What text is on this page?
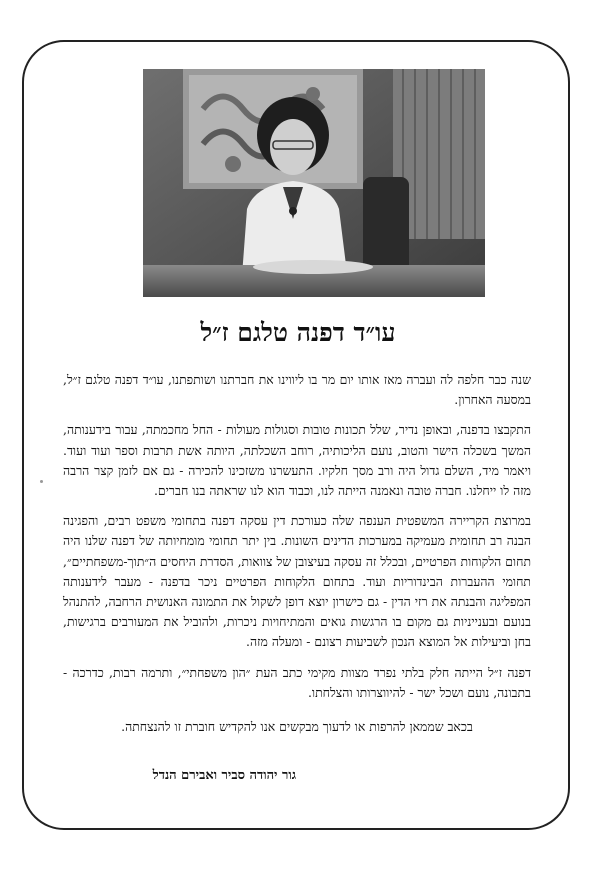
עו״ד דפנה טלגם ז״ל

שנה כבר חלפה לה ועברה מאז אותו יום מר בו ליווינו את חברתנו ושותפתנו, עו״ד דפנה טלגם ז״ל, במסעה האחרון.

התקבצו בדפנה, ובאופן נדיר, שלל תכונות טובות וסגולות מעולות - החל מחכמתה, עבור בידענותה, המשך בשכלה הישר והטוב, נועם הליכותיה, רוחב השכלתה, היותה אשת תרבות וספר ועוד ועוד. ויאמר מיד, השלם גדול היה ורב מסך חלקיו. התעשרנו משזכינו להכירה - גם אם לזמן קצר הרבה מזה לו ייחלנו. חברה טובה ונאמנה הייתה לנו, וכבוד הוא לנו שראתה בנו חברים.

במרוצת הקריירה המשפטית הענפה שלה כעורכת דין עסקה דפנה בתחומי משפט רבים, והפגינה הבנה רב תחומית מעמיקה במערכות הדינים השונות. בין יתר תחומי מומחיותה של דפנה שלנו היה תחום הלקוחות הפרטיים, ובכלל זה עסקה בעיצובן של צוואות, הסדרת היחסים ה״תוך-משפחתיים״, תחומי ההעברות הבינדוריות ועוד. בתחום הלקוחות הפרטיים ניכר בדפנה - מעבר לידענותה המפליגה והבנתה את רזי הדין - גם כישרון יוצא דופן לשקול את התמונה האנושית הרחבה, להתנהל בנועם ובענייניות גם מקום בו הרגשות גואים והמתיחויות ניכרות, ולהוביל את המעורבים ברגישות, בחן וביעילות אל המוצא הנכון לשביעות רצונם - ומעלה מזה.

דפנה ז״ל הייתה חלק בלתי נפרד מצוות מקימי כתב העת ״הון משפחתי״, ותרמה רבות, כדרכה - בתבונה, נועם ושכל ישר - להיווצרותו והצלחתו.

בכאב שממאן להרפות או לדעוך מבקשים אנו להקדיש חוברת זו להנצחתה.

גור יהודה סביר ואבירם הנדל
